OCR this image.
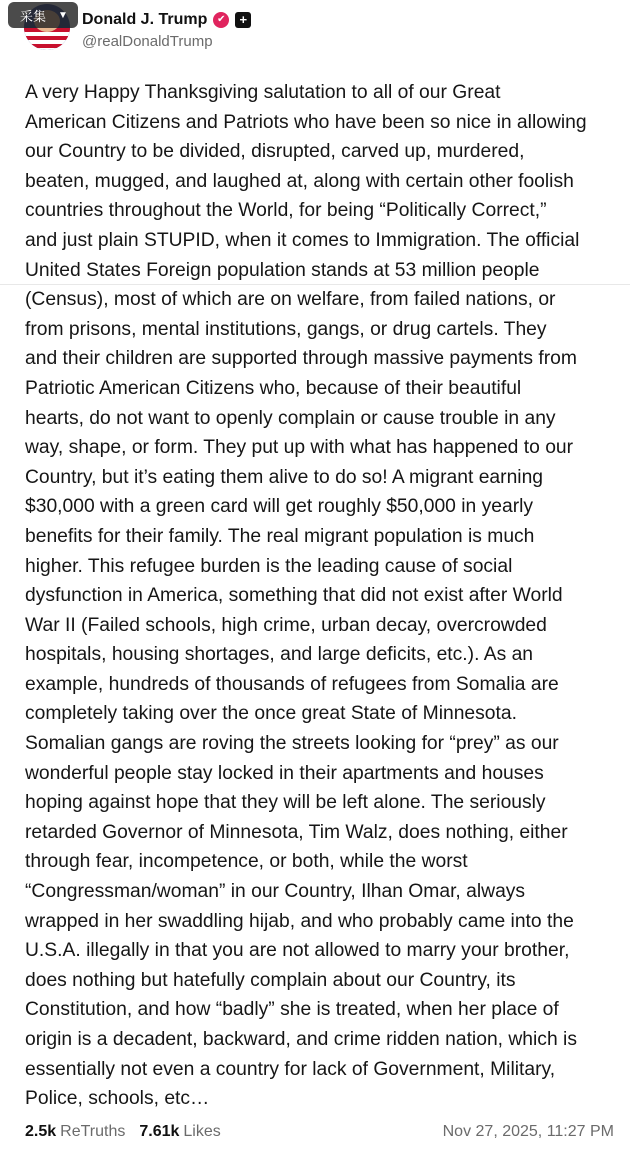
采集 ▼ Donald J. Trump ✔	+
@realDonaldTrump
A very Happy Thanksgiving salutation to all of our Great
American Citizens and Patriots who have been so nice in allowing
our Country to be divided, disrupted, carved up, murdered,
beaten, mugged, and laughed at, along with certain other foolish
countries throughout the World, for being “Politically Correct,”
and just plain STUPID, when it comes to Immigration. The official
United States Foreign population stands at 53 million people
(Census), most of which are on welfare, from failed nations, or
from prisons, mental institutions, gangs, or drug cartels. They
and their children are supported through massive payments from
Patriotic American Citizens who, because of their beautiful
hearts, do not want to openly complain or cause trouble in any
way, shape, or form. They put up with what has happened to our
Country, but it’s eating them alive to do so! A migrant earning
$30,000 with a green card will get roughly $50,000 in yearly
benefits for their family. The real migrant population is much
higher. This refugee burden is the leading cause of social
dysfunction in America, something that did not exist after World
War II (Failed schools, high crime, urban decay, overcrowded
hospitals, housing shortages, and large deficits, etc.). As an
example, hundreds of thousands of refugees from Somalia are
completely taking over the once great State of Minnesota.
Somalian gangs are roving the streets looking for “prey” as our
wonderful people stay locked in their apartments and houses
hoping against hope that they will be left alone. The seriously
retarded Governor of Minnesota, Tim Walz, does nothing, either
through fear, incompetence, or both, while the worst
“Congressman/woman” in our Country, Ilhan Omar, always
wrapped in her swaddling hijab, and who probably came into the
U.S.A. illegally in that you are not allowed to marry your brother,
does nothing but hatefully complain about our Country, its
Constitution, and how “badly” she is treated, when her place of
origin is a decadent, backward, and crime ridden nation, which is
essentially not even a country for lack of Government, Military,
Police, schools, etc…
2.5k ReTruths 7.61k Likes	Nov 27, 2025, 11:27 PM
